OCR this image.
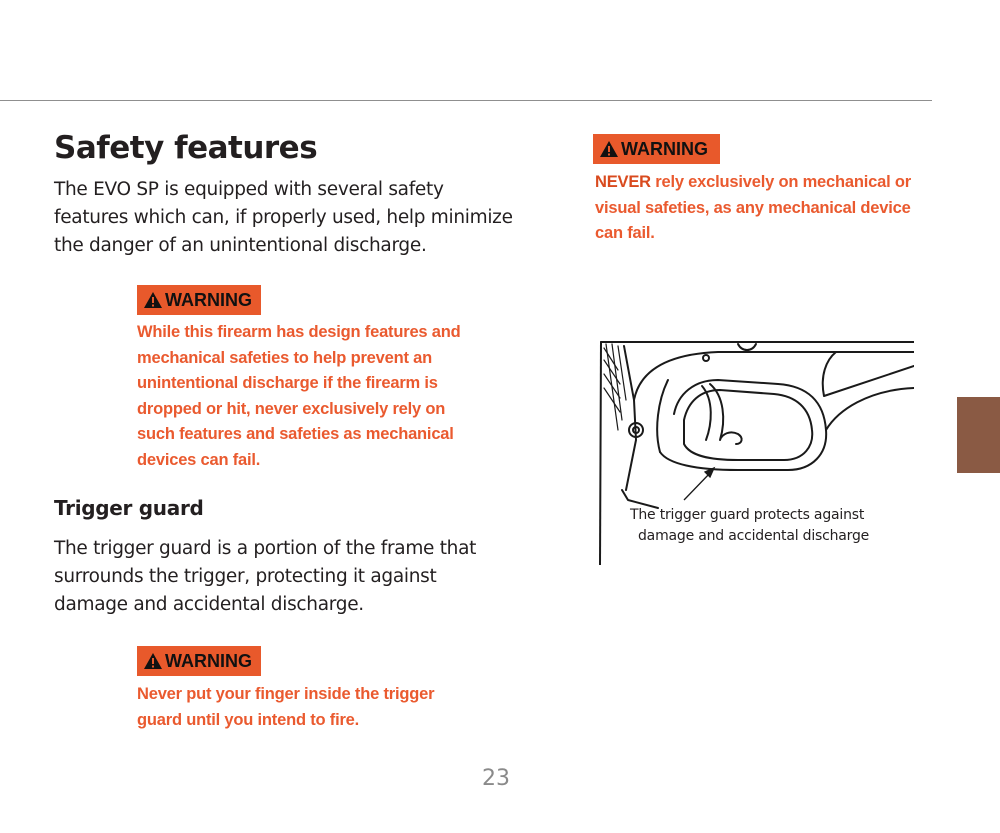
Safety features
The EVO SP is equipped with several safety
features which can, if properly used, help minimize
the danger of an unintentional discharge.
WARNING
While this firearm has design features and
mechanical safeties to help prevent an
unintentional discharge if the firearm is
dropped or hit, never exclusively rely on
such features and safeties as mechanical
devices can fail.
Trigger guard
The trigger guard is a portion of the frame that
surrounds the trigger, protecting it against
damage and accidental discharge.
WARNING
Never put your finger inside the trigger
guard until you intend to fire.
WARNING
NEVER rely exclusively on mechanical or
visual safeties, as any mechanical device
can fail.
The trigger guard protects against
damage and accidental discharge
23
